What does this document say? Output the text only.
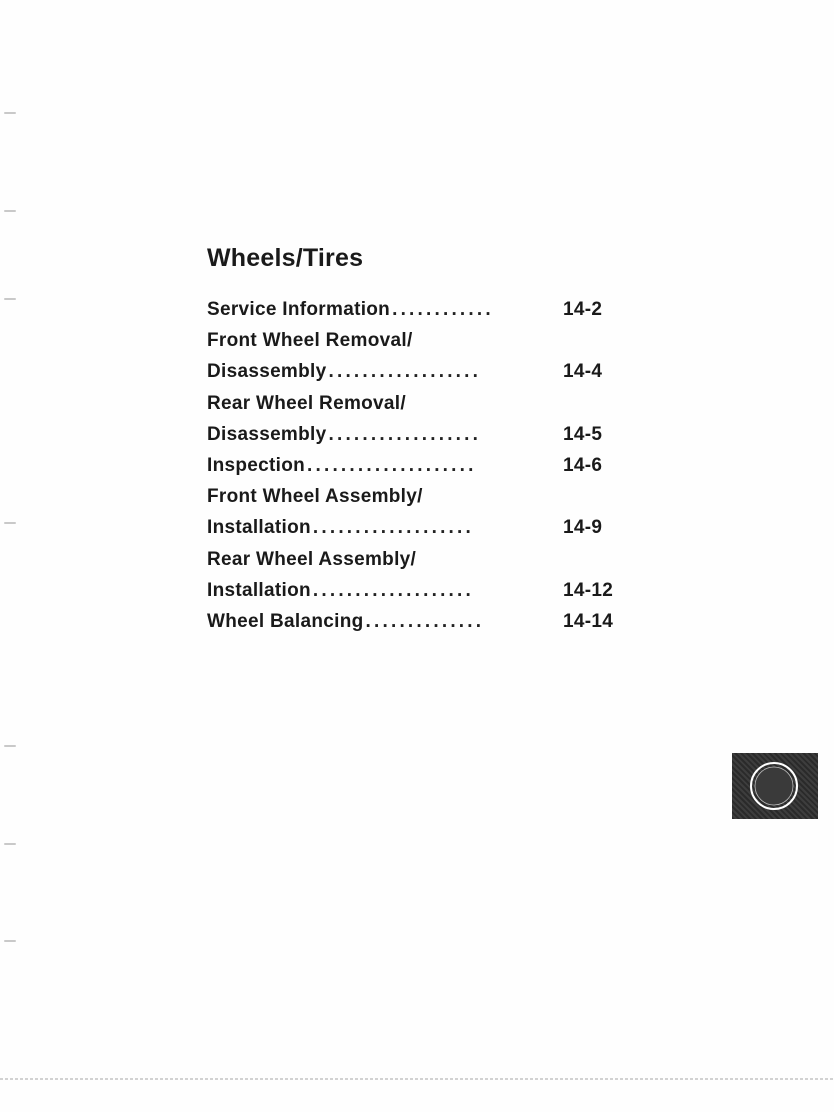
Wheels/Tires
Service Information ............	14-2
Front Wheel Removal/
Disassembly ..................	14-4
Rear Wheel Removal/
Disassembly ..................	14-5
Inspection ....................	14-6
Front Wheel Assembly/
Installation ...................	14-9
Rear Wheel Assembly/
Installation ...................	14-12
Wheel Balancing ..............	14-14
